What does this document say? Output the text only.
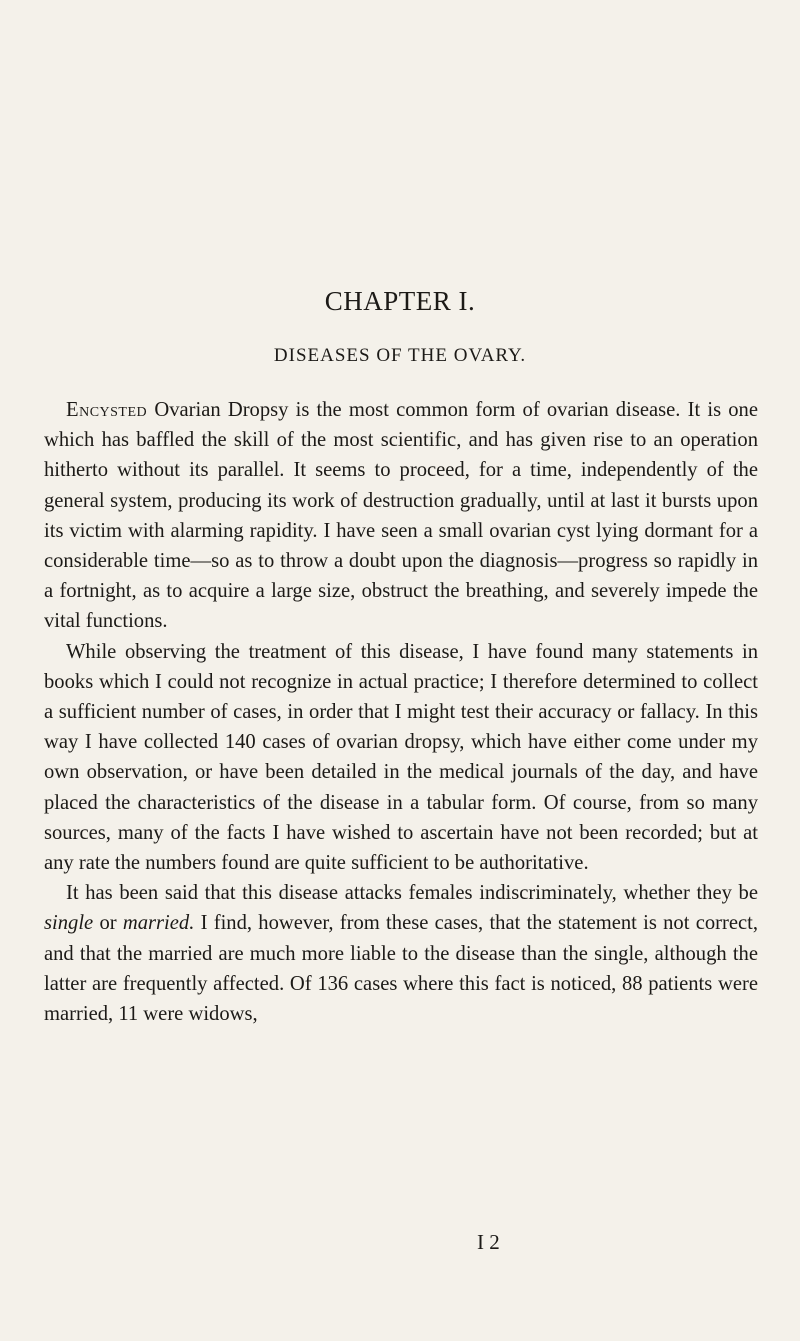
CHAPTER I.
DISEASES OF THE OVARY.

Encysted Ovarian Dropsy is the most common form of ovarian disease. It is one which has baffled the skill of the most scientific, and has given rise to an operation hitherto without its parallel. It seems to proceed, for a time, independently of the general system, producing its work of destruction gradually, until at last it bursts upon its victim with alarming rapidity. I have seen a small ovarian cyst lying dormant for a considerable time—so as to throw a doubt upon the diagnosis—progress so rapidly in a fortnight, as to acquire a large size, obstruct the breathing, and severely impede the vital functions.

While observing the treatment of this disease, I have found many statements in books which I could not recognize in actual practice; I therefore determined to collect a sufficient number of cases, in order that I might test their accuracy or fallacy. In this way I have collected 140 cases of ovarian dropsy, which have either come under my own observation, or have been detailed in the medical journals of the day, and have placed the characteristics of the disease in a tabular form. Of course, from so many sources, many of the facts I have wished to ascertain have not been recorded; but at any rate the numbers found are quite sufficient to be authoritative.

It has been said that this disease attacks females indiscriminately, whether they be single or married. I find, however, from these cases, that the statement is not correct, and that the married are much more liable to the disease than the single, although the latter are frequently affected. Of 136 cases where this fact is noticed, 88 patients were married, 11 were widows,

I 2
